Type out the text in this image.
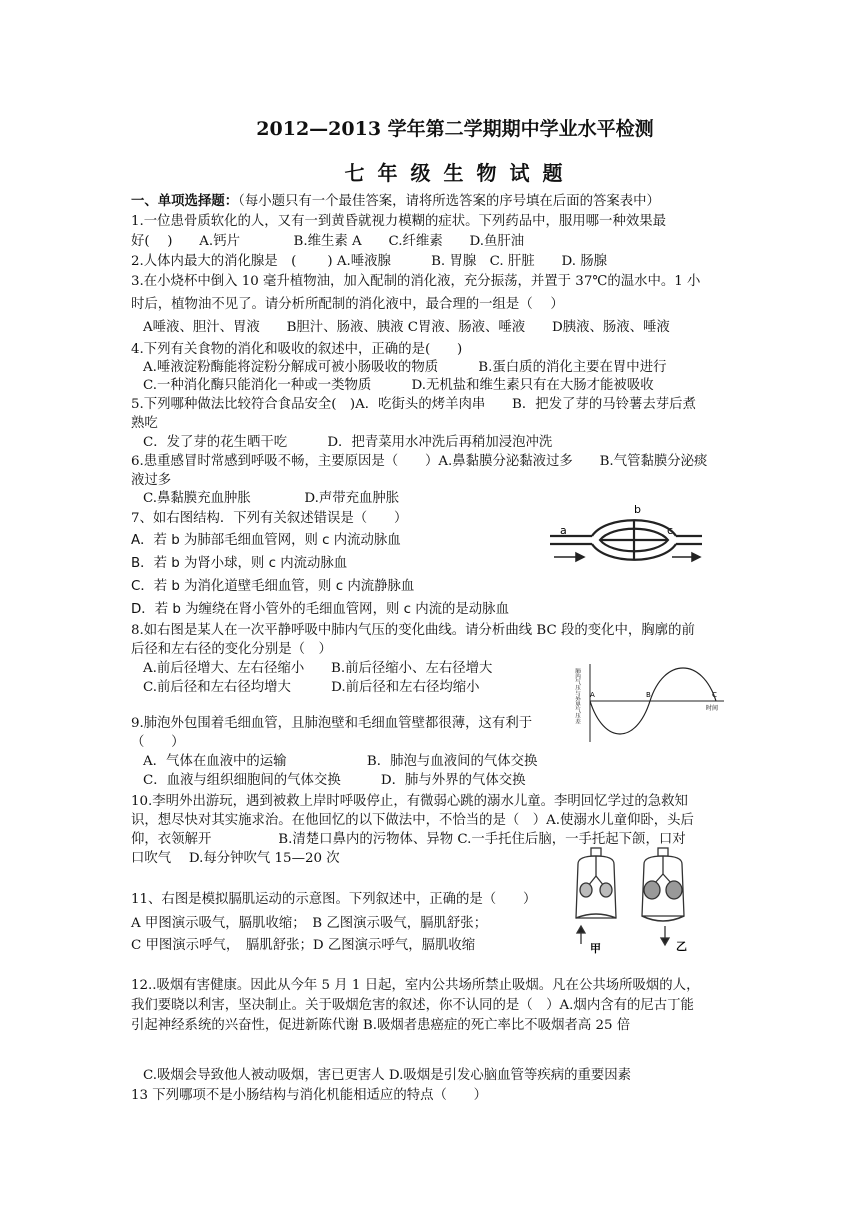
2012—2013 学年第二学期期中学业水平检测
七年级生物试题
一、单项选择题：（每小题只有一个最佳答案，请将所选答案的序号填在后面的答案表中）
1.一位患骨质软化的人，又有一到黄昏就视力模糊的症状。下列药品中，服用哪一种效果最
好(　 )　　A.钙片　　　　B.维生素 A　　C.纤维素　　D.鱼肝油
2.人体内最大的消化腺是　(　　 ) A.唾液腺　　　B. 胃腺　C. 肝脏　　D. 肠腺
3.在小烧杯中倒入 10 毫升植物油，加入配制的消化液，充分振荡，并置于 37℃的温水中。1 小
时后，植物油不见了。请分析所配制的消化液中，最合理的一组是（　 ）
A唾液、胆汁、胃液　　B胆汁、肠液、胰液 C胃液、肠液、唾液　　D胰液、肠液、唾液
4.下列有关食物的消化和吸收的叙述中，正确的是(　　)
A.唾液淀粉酶能将淀粉分解成可被小肠吸收的物质　　　B.蛋白质的消化主要在胃中进行
C.一种消化酶只能消化一种或一类物质　　　D.无机盐和维生素只有在大肠才能被吸收
5.下列哪种做法比较符合食品安全(　)A．吃街头的烤羊肉串　　B．把发了芽的马铃薯去芽后煮
熟吃
C．发了芽的花生晒干吃　　　D．把青菜用水冲洗后再稍加浸泡冲洗
6.患重感冒时常感到呼吸不畅，主要原因是（　　）A.鼻黏膜分泌黏液过多　　B.气管黏膜分泌痰
液过多
C.鼻黏膜充血肿胀　　　　D.声带充血肿胀
7、如右图结构．下列有关叙述错误是（　　）
A．若 b 为肺部毛细血管网，则 c 内流动脉血
B．若 b 为肾小球，则 c 内流动脉血
C．若 b 为消化道壁毛细血管，则 c 内流静脉血
D．若 b 为缠绕在肾小管外的毛细血管网，则 c 内流的是动脉血
8.如右图是某人在一次平静呼吸中肺内气压的变化曲线。请分析曲线 BC 段的变化中，胸廓的前
后径和左右径的变化分别是（　）
A.前后径增大、左右径缩小　　B.前后径缩小、左右径增大
C.前后径和左右径均增大　　　D.前后径和左右径均缩小
9.肺泡外包围着毛细血管，且肺泡壁和毛细血管壁都很薄，这有利于
（　　）
A．气体在血液中的运输　　　　　　B．肺泡与血液间的气体交换
C．血液与组织细胞间的气体交换　　　D．肺与外界的气体交换
10.李明外出游玩，遇到被救上岸时呼吸停止，有微弱心跳的溺水儿童。李明回忆学过的急救知
识，想尽快对其实施求治。在他回忆的以下做法中，不恰当的是（　）A.使溺水儿童仰卧，头后
仰，衣领解开　　　　　B.清楚口鼻内的污物体、异物 C.一手托住后脑，一手托起下颌，口对
口吹气　 D.每分钟吹气 15—20 次
11、右图是模拟膈肌运动的示意图。下列叙述中，正确的是（　　）
A 甲图演示吸气，膈肌收缩；　B 乙图演示吸气，膈肌舒张；
C 甲图演示呼气，　膈肌舒张；D 乙图演示呼气，膈肌收缩
12..吸烟有害健康。因此从今年 5 月 1 日起，室内公共场所禁止吸烟。凡在公共场所吸烟的人，
我们要晓以利害，坚决制止。关于吸烟危害的叙述，你不认同的是（　）A.烟内含有的尼古丁能
引起神经系统的兴奋性，促进新陈代谢 B.吸烟者患癌症的死亡率比不吸烟者高 25 倍
C.吸烟会导致他人被动吸烟，害已更害人 D.吸烟是引发心脑血管等疾病的重要因素
13 下列哪项不是小肠结构与消化机能相适应的特点（　　）
b
a	c
肺内气压与外界气压差 A	B	C
时间
甲	乙
